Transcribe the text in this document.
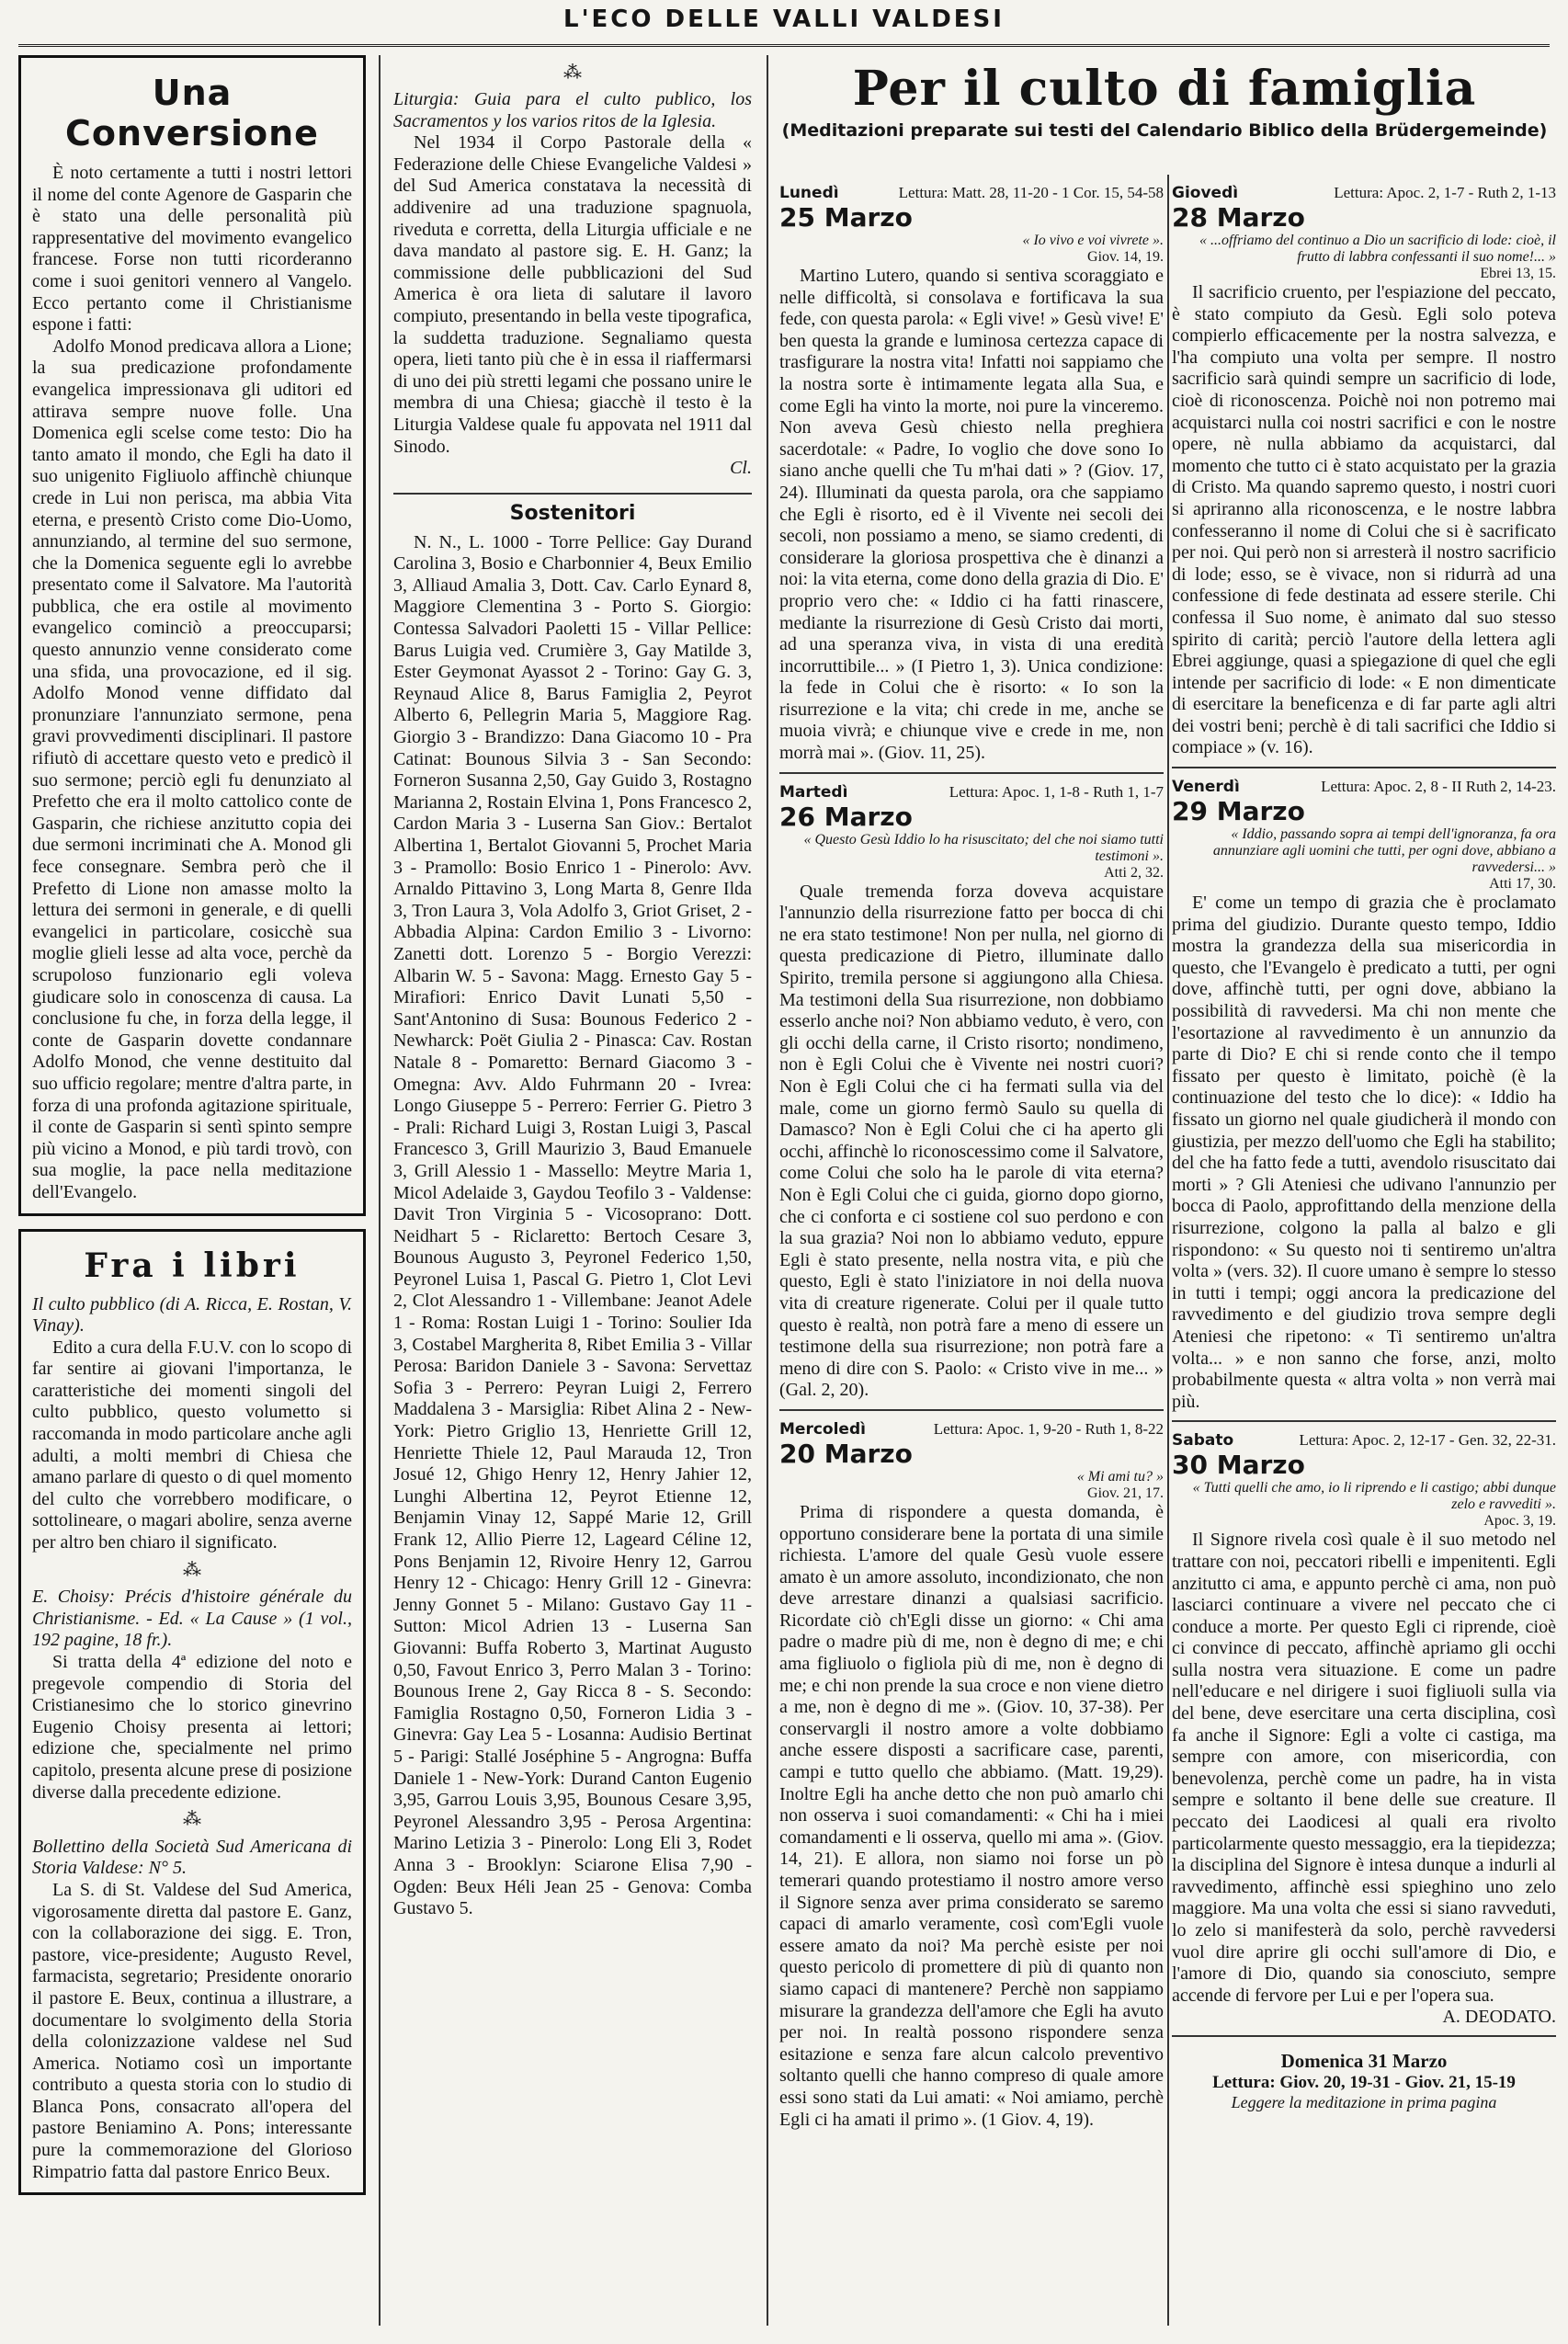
L'ECO DELLE VALLI VALDESI
Una Conversione

È noto certamente a tutti i nostri lettori il nome del conte Agenore de Gasparin che è stato una delle personalità più rappresentative del movimento evangelico francese. Forse non tutti ricorderanno come i suoi genitori vennero al Vangelo. Ecco pertanto come il Christianisme espone i fatti:

Adolfo Monod predicava allora a Lione; la sua predicazione profondamente evangelica impressionava gli uditori ed attirava sempre nuove folle. Una Domenica egli scelse come testo: Dio ha tanto amato il mondo, che Egli ha dato il suo unigenito Figliuolo affinchè chiunque crede in Lui non perisca, ma abbia Vita eterna, e presentò Cristo come Dio-Uomo, annunziando, al termine del suo sermone, che la Domenica seguente egli lo avrebbe presentato come il Salvatore. Ma l'autorità pubblica, che era ostile al movimento evangelico cominciò a preoccuparsi; questo annunzio venne considerato come una sfida, una provocazione, ed il sig. Adolfo Monod venne diffidato dal pronunziare l'annunziato sermone, pena gravi provvedimenti disciplinari. Il pastore rifiutò di accettare questo veto e predicò il suo sermone; perciò egli fu denunziato al Prefetto che era il molto cattolico conte de Gasparin, che richiese anzitutto copia dei due sermoni incriminati che A. Monod gli fece consegnare. Sembra però che il Prefetto di Lione non amasse molto la lettura dei sermoni in generale, e di quelli evangelici in particolare, cosicchè sua moglie glieli lesse ad alta voce, perchè da scrupoloso funzionario egli voleva giudicare solo in conoscenza di causa. La conclusione fu che, in forza della legge, il conte de Gasparin dovette condannare Adolfo Monod, che venne destituito dal suo ufficio regolare; mentre d'altra parte, in forza di una profonda agitazione spirituale, il conte de Gasparin si sentì spinto sempre più vicino a Monod, e più tardi trovò, con sua moglie, la pace nella meditazione dell'Evangelo.

Fra i libri

Il culto pubblico (di A. Ricca, E. Rostan, V. Vinay).

Edito a cura della F.U.V. con lo scopo di far sentire ai giovani l'importanza, le caratteristiche dei momenti singoli del culto pubblico, questo volumetto si raccomanda in modo particolare anche agli adulti, a molti membri di Chiesa che amano parlare di questo o di quel momento del culto che vorrebbero modificare, o sottolineare, o magari abolire, senza averne per altro ben chiaro il significato.

⁂

E. Choisy: Précis d'histoire générale du Christianisme. - Ed. « La Cause » (1 vol., 192 pagine, 18 fr.).

Si tratta della 4ª edizione del noto e pregevole compendio di Storia del Cristianesimo che lo storico ginevrino Eugenio Choisy presenta ai lettori; edizione che, specialmente nel primo capitolo, presenta alcune prese di posizione diverse dalla precedente edizione.

⁂

Bollettino della Società Sud Americana di Storia Valdese: N° 5.

La S. di St. Valdese del Sud America, vigorosamente diretta dal pastore E. Ganz, con la collaborazione dei sigg. E. Tron, pastore, vice-presidente; Augusto Revel, farmacista, segretario; Presidente onorario il pastore E. Beux, continua a illustrare, a documentare lo svolgimento della Storia della colonizzazione valdese nel Sud America. Notiamo così un importante contributo a questa storia con lo studio di Blanca Pons, consacrato all'opera del pastore Beniamino A. Pons; interessante pure la commemorazione del Glorioso Rimpatrio fatta dal pastore Enrico Beux.

⁂

Liturgia: Guia para el culto publico, los Sacramentos y los varios ritos de la Iglesia.

Nel 1934 il Corpo Pastorale della « Federazione delle Chiese Evangeliche Valdesi » del Sud America constatava la necessità di addivenire ad una traduzione spagnuola, riveduta e corretta, della Liturgia ufficiale e ne dava mandato al pastore sig. E. H. Ganz; la commissione delle pubblicazioni del Sud America è ora lieta di salutare il lavoro compiuto, presentando in bella veste tipografica, la suddetta traduzione. Segnaliamo questa opera, lieti tanto più che è in essa il riaffermarsi di uno dei più stretti legami che possano unire le membra di una Chiesa; giacchè il testo è la Liturgia Valdese quale fu appovata nel 1911 dal Sinodo.

Cl.
Sostenitori

N. N., L. 1000 - Torre Pellice: Gay Durand Carolina 3, Bosio e Charbonnier 4, Beux Emilio 3, Alliaud Amalia 3, Dott. Cav. Carlo Eynard 8, Maggiore Clementina 3 - Porto S. Giorgio: Contessa Salvadori Paoletti 15 - Villar Pellice: Barus Luigia ved. Crumière 3, Gay Matilde 3, Ester Geymonat Ayassot 2 - Torino: Gay G. 3, Reynaud Alice 8, Barus Famiglia 2, Peyrot Alberto 6, Pellegrin Maria 5, Maggiore Rag. Giorgio 3 - Brandizzo: Dana Giacomo 10 - Pra Catinat: Bounous Silvia 3 - San Secondo: Forneron Susanna 2,50, Gay Guido 3, Rostagno Marianna 2, Rostain Elvina 1, Pons Francesco 2, Cardon Maria 3 - Luserna San Giov.: Bertalot Albertina 1, Bertalot Giovanni 5, Prochet Maria 3 - Pramollo: Bosio Enrico 1 - Pinerolo: Avv. Arnaldo Pittavino 3, Long Marta 8, Genre Ilda 3, Tron Laura 3, Vola Adolfo 3, Griot Griset, 2 - Abbadia Alpina: Cardon Emilio 3 - Livorno: Zanetti dott. Lorenzo 5 - Borgio Verezzi: Albarin W. 5 - Savona: Magg. Ernesto Gay 5 - Mirafiori: Enrico Davit Lunati 5,50 - Sant'Antonino di Susa: Bounous Federico 2 - Newharck: Poët Giulia 2 - Pinasca: Cav. Rostan Natale 8 - Pomaretto: Bernard Giacomo 3 - Omegna: Avv. Aldo Fuhrmann 20 - Ivrea: Longo Giuseppe 5 - Perrero: Ferrier G. Pietro 3 - Prali: Richard Luigi 3, Rostan Luigi 3, Pascal Francesco 3, Grill Maurizio 3, Baud Emanuele 3, Grill Alessio 1 - Massello: Meytre Maria 1, Micol Adelaide 3, Gaydou Teofilo 3 - Valdense: Davit Tron Virginia 5 - Vicosoprano: Dott. Neidhart 5 - Riclaretto: Bertoch Cesare 3, Bounous Augusto 3, Peyronel Federico 1,50, Peyronel Luisa 1, Pascal G. Pietro 1, Clot Levi 2, Clot Alessandro 1 - Villembane: Jeanot Adele 1 - Roma: Rostan Luigi 1 - Torino: Soulier Ida 3, Costabel Margherita 8, Ribet Emilia 3 - Villar Perosa: Baridon Daniele 3 - Savona: Servettaz Sofia 3 - Perrero: Peyran Luigi 2, Ferrero Maddalena 3 - Marsiglia: Ribet Alina 2 - New-York: Pietro Griglio 13, Henriette Grill 12, Henriette Thiele 12, Paul Marauda 12, Tron Josué 12, Ghigo Henry 12, Henry Jahier 12, Lunghi Albertina 12, Peyrot Etienne 12, Benjamin Vinay 12, Sappé Marie 12, Grill Frank 12, Allio Pierre 12, Lageard Céline 12, Pons Benjamin 12, Rivoire Henry 12, Garrou Henry 12 - Chicago: Henry Grill 12 - Ginevra: Jenny Gonnet 5 - Milano: Gustavo Gay 11 - Sutton: Micol Adrien 13 - Luserna San Giovanni: Buffa Roberto 3, Martinat Augusto 0,50, Favout Enrico 3, Perro Malan 3 - Torino: Bounous Irene 2, Gay Ricca 8 - S. Secondo: Famiglia Rostagno 0,50, Forneron Lidia 3 - Ginevra: Gay Lea 5 - Losanna: Audisio Bertinat 5 - Parigi: Stallé Joséphine 5 - Angrogna: Buffa Daniele 1 - New-York: Durand Canton Eugenio 3,95, Garrou Louis 3,95, Bounous Cesare 3,95, Peyronel Alessandro 3,95 - Perosa Argentina: Marino Letizia 3 - Pinerolo: Long Eli 3, Rodet Anna 3 - Brooklyn: Sciarone Elisa 7,90 - Ogden: Beux Héli Jean 25 - Genova: Comba Gustavo 5.

Per il culto di famiglia
(Meditazioni preparate sui testi del Calendario Biblico della Brüdergemeinde)
Lunedì	Lettura: Matt. 28, 11-20 - 1 Cor. 15, 54-58
25 Marzo
« Io vivo e voi vivrete ».
Giov. 14, 19.

Martino Lutero, quando si sentiva scoraggiato e nelle difficoltà, si consolava e fortificava la sua fede, con questa parola: « Egli vive! » Gesù vive! E' ben questa la grande e luminosa certezza capace di trasfigurare la nostra vita! Infatti noi sappiamo che la nostra sorte è intimamente legata alla Sua, e come Egli ha vinto la morte, noi pure la vinceremo. Non aveva Gesù chiesto nella preghiera sacerdotale: « Padre, Io voglio che dove sono Io siano anche quelli che Tu m'hai dati » ? (Giov. 17, 24). Illuminati da questa parola, ora che sappiamo che Egli è risorto, ed è il Vivente nei secoli dei secoli, non possiamo a meno, se siamo credenti, di considerare la gloriosa prospettiva che è dinanzi a noi: la vita eterna, come dono della grazia di Dio. E' proprio vero che: « Iddio ci ha fatti rinascere, mediante la risurrezione di Gesù Cristo dai morti, ad una speranza viva, in vista di una eredità incorruttibile... » (I Pietro 1, 3). Unica condizione: la fede in Colui che è risorto: « Io son la risurrezione e la vita; chi crede in me, anche se muoia vivrà; e chiunque vive e crede in me, non morrà mai ». (Giov. 11, 25).

Martedì	Lettura: Apoc. 1, 1-8 - Ruth 1, 1-7
26 Marzo
« Questo Gesù Iddio lo ha risuscitato; del che noi siamo tutti testimoni ».
Atti 2, 32.

Quale tremenda forza doveva acquistare l'annunzio della risurrezione fatto per bocca di chi ne era stato testimone! Non per nulla, nel giorno di questa predicazione di Pietro, illuminate dallo Spirito, tremila persone si aggiungono alla Chiesa. Ma testimoni della Sua risurrezione, non dobbiamo esserlo anche noi? Non abbiamo veduto, è vero, con gli occhi della carne, il Cristo risorto; nondimeno, non è Egli Colui che è Vivente nei nostri cuori? Non è Egli Colui che ci ha fermati sulla via del male, come un giorno fermò Saulo su quella di Damasco? Non è Egli Colui che ci ha aperto gli occhi, affinchè lo riconoscessimo come il Salvatore, come Colui che solo ha le parole di vita eterna? Non è Egli Colui che ci guida, giorno dopo giorno, che ci conforta e ci sostiene col suo perdono e con la sua grazia? Noi non lo abbiamo veduto, eppure Egli è stato presente, nella nostra vita, e più che questo, Egli è stato l'iniziatore in noi della nuova vita di creature rigenerate. Colui per il quale tutto questo è realtà, non potrà fare a meno di essere un testimone della sua risurrezione; non potrà fare a meno di dire con S. Paolo: « Cristo vive in me... » (Gal. 2, 20).

Mercoledì	Lettura: Apoc. 1, 9-20 - Ruth 1, 8-22
20 Marzo
« Mi ami tu? »
Giov. 21, 17.

Prima di rispondere a questa domanda, è opportuno considerare bene la portata di una simile richiesta. L'amore del quale Gesù vuole essere amato è un amore assoluto, incondizionato, che non deve arrestare dinanzi a qualsiasi sacrificio. Ricordate ciò ch'Egli disse un giorno: « Chi ama padre o madre più di me, non è degno di me; e chi ama figliuolo o figliola più di me, non è degno di me; e chi non prende la sua croce e non viene dietro a me, non è degno di me ». (Giov. 10, 37-38). Per conservargli il nostro amore a volte dobbiamo anche essere disposti a sacrificare case, parenti, campi e tutto quello che abbiamo. (Matt. 19,29). Inoltre Egli ha anche detto che non può amarlo chi non osserva i suoi comandamenti: « Chi ha i miei comandamenti e li osserva, quello mi ama ». (Giov. 14, 21). E allora, non siamo noi forse un pò temerari quando protestiamo il nostro amore verso il Signore senza aver prima considerato se saremo capaci di amarlo veramente, così com'Egli vuole essere amato da noi? Ma perchè esiste per noi questo pericolo di promettere di più di quanto non siamo capaci di mantenere? Perchè non sappiamo misurare la grandezza dell'amore che Egli ha avuto per noi. In realtà possono rispondere senza esitazione e senza fare alcun calcolo preventivo soltanto quelli che hanno compreso di quale amore essi sono stati da Lui amati: « Noi amiamo, perchè Egli ci ha amati il primo ». (1 Giov. 4, 19).

Giovedì	Lettura: Apoc. 2, 1-7 - Ruth 2, 1-13
28 Marzo
« ...offriamo del continuo a Dio un sacrificio di lode: cioè, il frutto di labbra confessanti il suo nome!... »
Ebrei 13, 15.

Il sacrificio cruento, per l'espiazione del peccato, è stato compiuto da Gesù. Egli solo poteva compierlo efficacemente per la nostra salvezza, e l'ha compiuto una volta per sempre. Il nostro sacrificio sarà quindi sempre un sacrificio di lode, cioè di riconoscenza. Poichè noi non potremo mai acquistarci nulla coi nostri sacrifici e con le nostre opere, nè nulla abbiamo da acquistarci, dal momento che tutto ci è stato acquistato per la grazia di Cristo. Ma quando sapremo questo, i nostri cuori si apriranno alla riconoscenza, e le nostre labbra confesseranno il nome di Colui che si è sacrificato per noi. Qui però non si arresterà il nostro sacrificio di lode; esso, se è vivace, non si ridurrà ad una confessione di fede destinata ad essere sterile. Chi confessa il Suo nome, è animato dal suo stesso spirito di carità; perciò l'autore della lettera agli Ebrei aggiunge, quasi a spiegazione di quel che egli intende per sacrificio di lode: « E non dimenticate di esercitare la beneficenza e di far parte agli altri dei vostri beni; perchè è di tali sacrifici che Iddio si compiace » (v. 16).

Venerdì	Lettura: Apoc. 2, 8 - II Ruth 2, 14-23.
29 Marzo
« Iddio, passando sopra ai tempi dell'ignoranza, fa ora annunziare agli uomini che tutti, per ogni dove, abbiano a ravvedersi... »
Atti 17, 30.

E' come un tempo di grazia che è proclamato prima del giudizio. Durante questo tempo, Iddio mostra la grandezza della sua misericordia in questo, che l'Evangelo è predicato a tutti, per ogni dove, affinchè tutti, per ogni dove, abbiano la possibilità di ravvedersi. Ma chi non mente che l'esortazione al ravvedimento è un annunzio da parte di Dio? E chi si rende conto che il tempo fissato per questo è limitato, poichè (è la continuazione del testo che lo dice): « Iddio ha fissato un giorno nel quale giudicherà il mondo con giustizia, per mezzo dell'uomo che Egli ha stabilito; del che ha fatto fede a tutti, avendolo risuscitato dai morti » ? Gli Ateniesi che udivano l'annunzio per bocca di Paolo, approfittando della menzione della risurrezione, colgono la palla al balzo e gli rispondono: « Su questo noi ti sentiremo un'altra volta » (vers. 32). Il cuore umano è sempre lo stesso in tutti i tempi; oggi ancora la predicazione del ravvedimento e del giudizio trova sempre degli Ateniesi che ripetono: « Ti sentiremo un'altra volta... » e non sanno che forse, anzi, molto probabilmente questa « altra volta » non verrà mai più.

Sabato	Lettura: Apoc. 2, 12-17 - Gen. 32, 22-31.
30 Marzo
« Tutti quelli che amo, io li riprendo e li castigo; abbi dunque zelo e ravvediti ».
Apoc. 3, 19.

Il Signore rivela così quale è il suo metodo nel trattare con noi, peccatori ribelli e impenitenti. Egli anzitutto ci ama, e appunto perchè ci ama, non può lasciarci continuare a vivere nel peccato che ci conduce a morte. Per questo Egli ci riprende, cioè ci convince di peccato, affinchè apriamo gli occhi sulla nostra vera situazione. E come un padre nell'educare e nel dirigere i suoi figliuoli sulla via del bene, deve esercitare una certa disciplina, così fa anche il Signore: Egli a volte ci castiga, ma sempre con amore, con misericordia, con benevolenza, perchè come un padre, ha in vista sempre e soltanto il bene delle sue creature. Il peccato dei Laodicesi al quali era rivolto particolarmente questo messaggio, era la tiepidezza; la disciplina del Signore è intesa dunque a indurli al ravvedimento, affinchè essi spieghino uno zelo maggiore. Ma una volta che essi si siano ravveduti, lo zelo si manifesterà da solo, perchè ravvedersi vuol dire aprire gli occhi sull'amore di Dio, e l'amore di Dio, quando sia conosciuto, sempre accende di fervore per Lui e per l'opera sua.

A. DEODATO.
Domenica 31 Marzo
Lettura: Giov. 20, 19-31 - Giov. 21, 15-19
Leggere la meditazione in prima pagina
